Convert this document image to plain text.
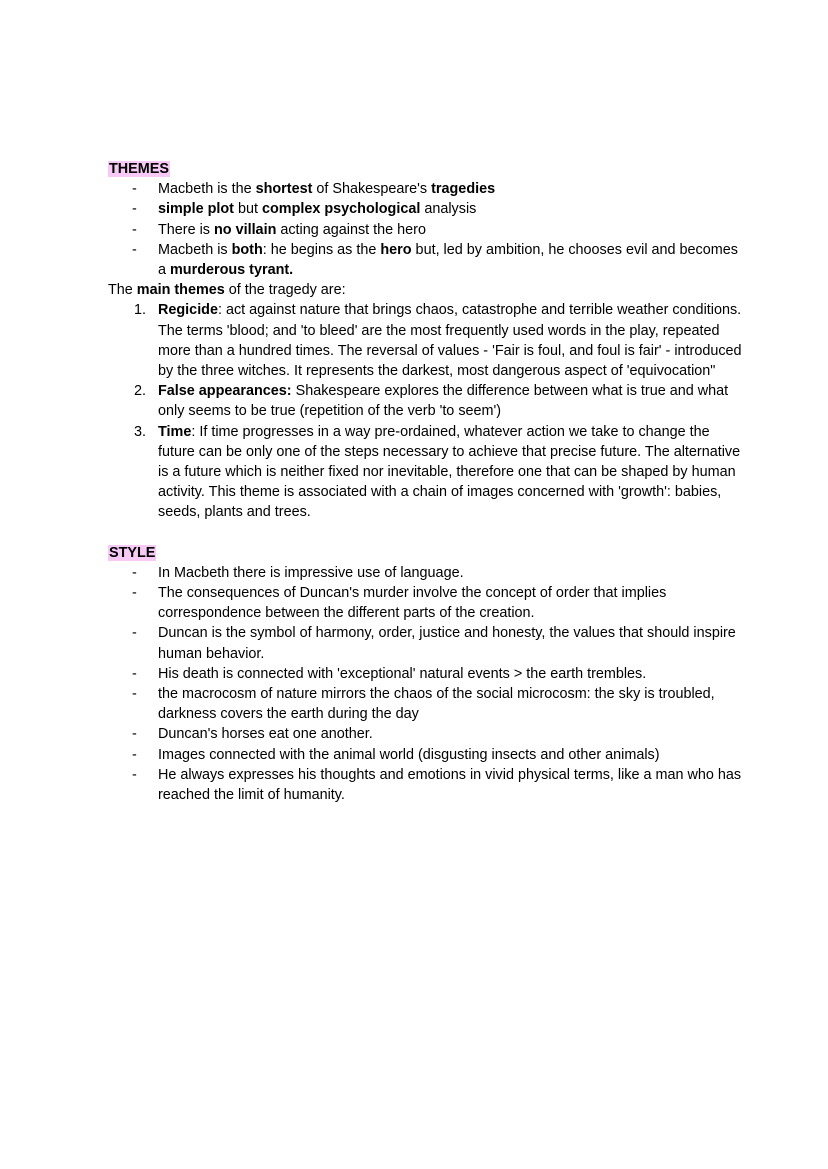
THEMES
- Macbeth is the shortest of Shakespeare's tragedies
- simple plot but complex psychological analysis
- There is no villain acting against the hero
- Macbeth is both: he begins as the hero but, led by ambition, he chooses evil and becomes a murderous tyrant.

The main themes of the tragedy are:

1. Regicide: act against nature that brings chaos, catastrophe and terrible weather conditions. The terms 'blood; and 'to bleed' are the most frequently used words in the play, repeated more than a hundred times. The reversal of values - 'Fair is foul, and foul is fair' - introduced by the three witches. It represents the darkest, most dangerous aspect of 'equivocation"
2. False appearances: Shakespeare explores the difference between what is true and what only seems to be true (repetition of the verb 'to seem')
3. Time: If time progresses in a way pre-ordained, whatever action we take to change the future can be only one of the steps necessary to achieve that precise future. The alternative is a future which is neither fixed nor inevitable, therefore one that can be shaped by human activity. This theme is associated with a chain of images concerned with 'growth': babies, seeds, plants and trees.
STYLE
- In Macbeth there is impressive use of language.
- The consequences of Duncan's murder involve the concept of order that implies correspondence between the different parts of the creation.
- Duncan is the symbol of harmony, order, justice and honesty, the values that should inspire human behavior.
- His death is connected with 'exceptional' natural events > the earth trembles.
- the macrocosm of nature mirrors the chaos of the social microcosm: the sky is troubled, darkness covers the earth during the day
- Duncan's horses eat one another.
- Images connected with the animal world (disgusting insects and other animals)
- He always expresses his thoughts and emotions in vivid physical terms, like a man who has reached the limit of humanity.
